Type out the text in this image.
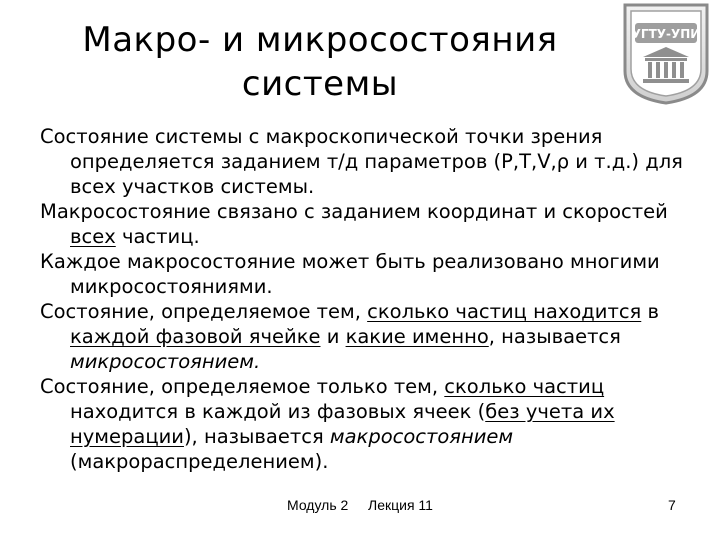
Макро- и микросостояния
системы
УГТУ-УПИ

Состояние системы с макроскопической точки зрения определяется заданием т/д параметров (P,T,V,ρ и т.д.) для всех участков системы.

Макросостояние связано с заданием координат и скоростей всех частиц.

Каждое макросостояние может быть реализовано многими микросостояниями.

Состояние, определяемое тем, сколько частиц находится в каждой фазовой ячейке и какие именно, называется микросостоянием.

Состояние, определяемое только тем, сколько частиц находится в каждой из фазовых ячеек (без учета их нумерации), называется макросостоянием (макрораспределением).

Модуль 2 Лекция 11	7
